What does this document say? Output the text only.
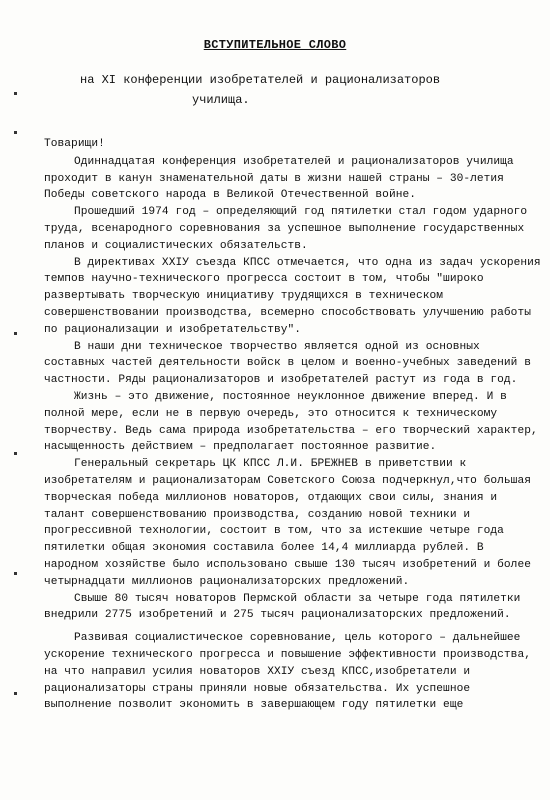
ВСТУПИТЕЛЬНОЕ СЛОВО
на XI конференции изобретателей и рационализаторов
училища.
Товарищи!

Одиннадцатая конференция изобретателей и рационализаторов училища проходит в канун знаменательной даты в жизни нашей страны – 30-летия Победы советского народа в Великой Отечественной войне.

Прошедший 1974 год – определяющий год пятилетки стал годом ударного труда, всенародного соревнования за успешное выполнение государственных планов и социалистических обязательств.

В директивах XXIУ съезда КПСС отмечается, что одна из задач ускорения темпов научно-технического прогресса состоит в том, чтобы "широко развертывать творческую инициативу трудящихся в техническом совершенствовании производства, всемерно способствовать улучшению работы по рационализации и изобретательству".

В наши дни техническое творчество является одной из основных составных частей деятельности войск в целом и военно-учебных заведений в частности. Ряды рационализаторов и изобретателей растут из года в год.

Жизнь – это движение, постоянное неуклонное движение вперед. И в полной мере, если не в первую очередь, это относится к техническому творчеству. Ведь сама природа изобретательства – его творческий характер, насыщенность действием – предполагает постоянное развитие.

Генеральный секретарь ЦК КПСС Л.И. БРЕЖНЕВ в приветствии к изобретателям и рационализаторам Советского Союза подчеркнул,что большая творческая победа миллионов новаторов, отдающих свои силы, знания и талант совершенствованию производства, созданию новой техники и прогрессивной технологии, состоит в том, что за истекшие четыре года пятилетки общая экономия составила более 14,4 миллиарда рублей. В народном хозяйстве было использовано свыше 130 тысяч изобретений и более четырнадцати миллионов рационализаторских предложений.

Свыше 80 тысяч новаторов Пермской области за четыре года пятилетки внедрили 2775 изобретений и 275 тысяч рационализаторских предложений.

Развивая социалистическое соревнование, цель которого – дальнейшее ускорение технического прогресса и повышение эффективности производства, на что направил усилия новаторов XXIУ съезд КПСС,изобретатели и рационализаторы страны приняли новые обязательства. Их успешное выполнение позволит экономить в завершающем году пятилетки еще
